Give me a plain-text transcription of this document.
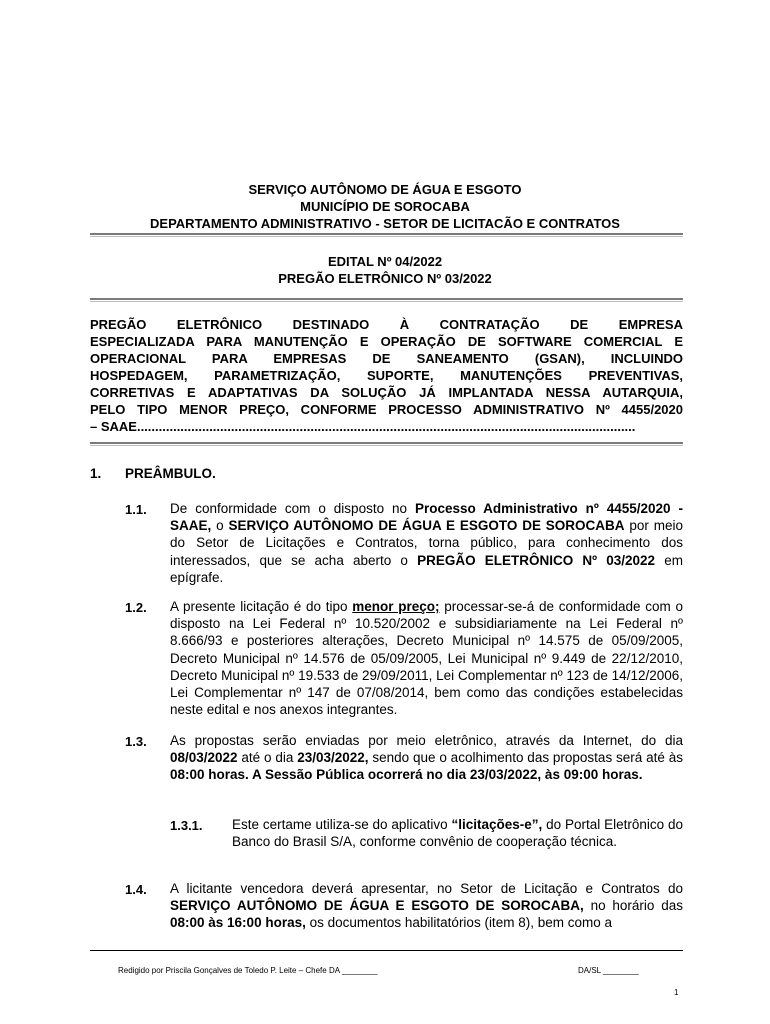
SERVIÇO AUTÔNOMO DE ÁGUA E ESGOTO
MUNICÍPIO DE SOROCABA
DEPARTAMENTO ADMINISTRATIVO - SETOR DE LICITACÃO E CONTRATOS
EDITAL Nº 04/2022
PREGÃO ELETRÔNICO Nº 03/2022
PREGÃO ELETRÔNICO DESTINADO À CONTRATAÇÃO DE EMPRESA
ESPECIALIZADA PARA MANUTENÇÃO E OPERAÇÃO DE SOFTWARE COMERCIAL E
OPERACIONAL PARA EMPRESAS DE SANEAMENTO (GSAN), INCLUINDO
HOSPEDAGEM, PARAMETRIZAÇÃO, SUPORTE, MANUTENÇÕES PREVENTIVAS,
CORRETIVAS E ADAPTATIVAS DA SOLUÇÃO JÁ IMPLANTADA NESSA AUTARQUIA,
PELO TIPO MENOR PREÇO, CONFORME PROCESSO ADMINISTRATIVO Nº 4455/2020
– SAAE..........................................................................................................................................
1. PREÂMBULO.
1.1. De conformidade com o disposto no Processo Administrativo nº 4455/2020 - SAAE, o SERVIÇO AUTÔNOMO DE ÁGUA E ESGOTO DE SOROCABA por meio do Setor de Licitações e Contratos, torna público, para conhecimento dos interessados, que se acha aberto o PREGÃO ELETRÔNICO Nº 03/2022 em epígrafe.
1.2. A presente licitação é do tipo menor preço; processar-se-á de conformidade com o disposto na Lei Federal nº 10.520/2002 e subsidiariamente na Lei Federal nº 8.666/93 e posteriores alterações, Decreto Municipal nº 14.575 de 05/09/2005, Decreto Municipal nº 14.576 de 05/09/2005, Lei Municipal nº 9.449 de 22/12/2010, Decreto Municipal nº 19.533 de 29/09/2011, Lei Complementar nº 123 de 14/12/2006, Lei Complementar nº 147 de 07/08/2014, bem como das condições estabelecidas neste edital e nos anexos integrantes.
1.3. As propostas serão enviadas por meio eletrônico, através da Internet, do dia 08/03/2022 até o dia 23/03/2022, sendo que o acolhimento das propostas será até às 08:00 horas. A Sessão Pública ocorrerá no dia 23/03/2022, às 09:00 horas.
1.3.1. Este certame utiliza-se do aplicativo “licitações-e”, do Portal Eletrônico do Banco do Brasil S/A, conforme convênio de cooperação técnica.
1.4. A licitante vencedora deverá apresentar, no Setor de Licitação e Contratos do SERVIÇO AUTÔNOMO DE ÁGUA E ESGOTO DE SOROCABA, no horário das 08:00 às 16:00 horas, os documentos habilitatórios (item 8), bem como a
Redigido por Priscila Gonçalves de Toledo P. Leite – Chefe DA ________	DA/SL ________
1
